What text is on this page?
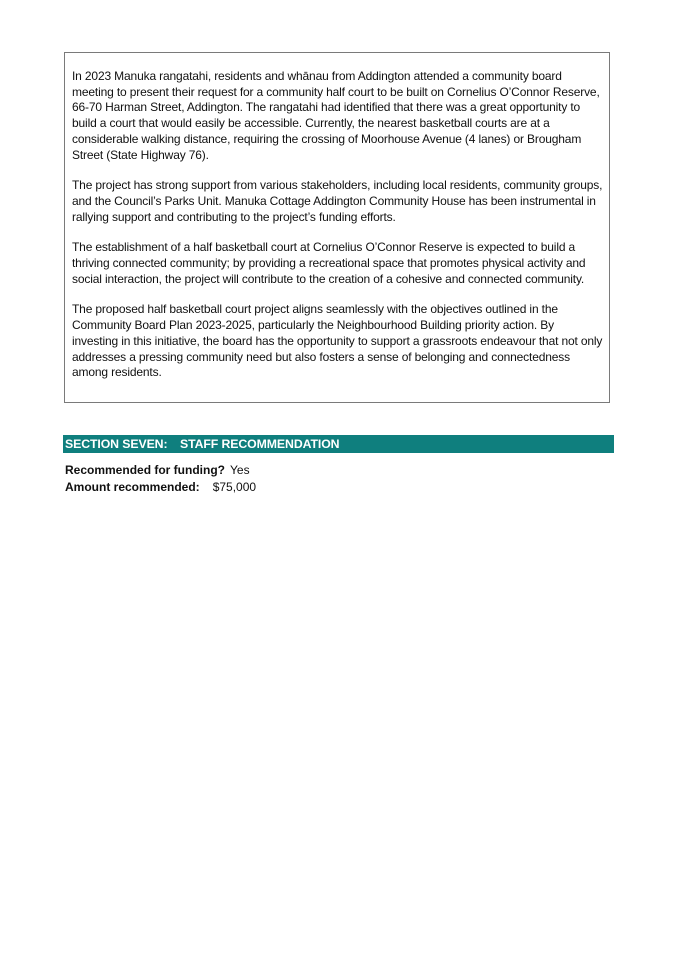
In 2023 Manuka rangatahi, residents and whānau from Addington attended a community board meeting to present their request for a community half court to be built on Cornelius O’Connor Reserve, 66-70 Harman Street, Addington. The rangatahi had identified that there was a great opportunity to build a court that would easily be accessible. Currently, the nearest basketball courts are at a considerable walking distance, requiring the crossing of Moorhouse Avenue (4 lanes) or Brougham Street (State Highway 76).

The project has strong support from various stakeholders, including local residents, community groups, and the Council’s Parks Unit. Manuka Cottage Addington Community House has been instrumental in rallying support and contributing to the project’s funding efforts.

The establishment of a half basketball court at Cornelius O’Connor Reserve is expected to build a thriving connected community; by providing a recreational space that promotes physical activity and social interaction, the project will contribute to the creation of a cohesive and connected community.

The proposed half basketball court project aligns seamlessly with the objectives outlined in the Community Board Plan 2023-2025, particularly the Neighbourhood Building priority action. By investing in this initiative, the board has the opportunity to support a grassroots endeavour that not only addresses a pressing community need but also fosters a sense of belonging and connectedness among residents.

SECTION SEVEN: STAFF RECOMMENDATION
Recommended for funding? Yes
Amount recommended: $75,000
